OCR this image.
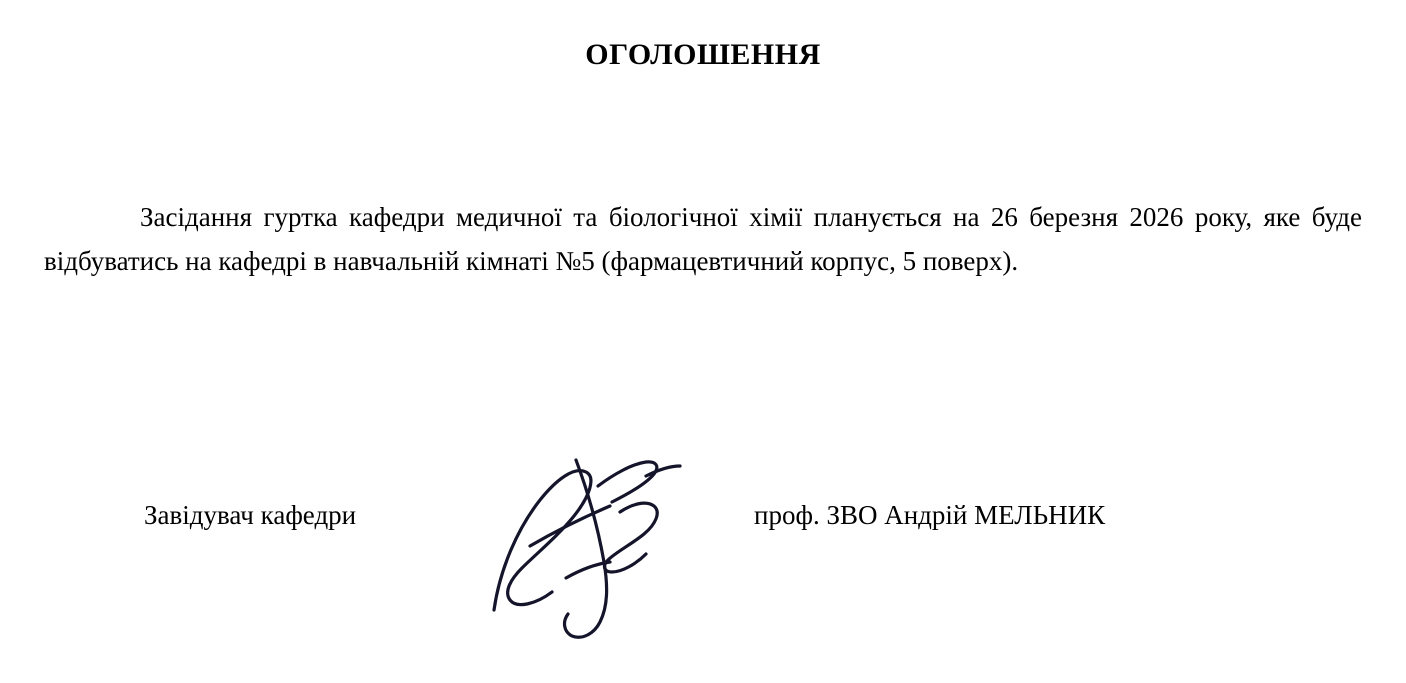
ОГОЛОШЕННЯ

Засідання гуртка кафедри медичної та біологічної хімії планується на 26 березня 2026 року, яке буде відбуватись на кафедрі в навчальній кімнаті №5 (фармацевтичний корпус, 5 поверх).

Завідувач кафедри	проф. ЗВО Андрій МЕЛЬНИК
